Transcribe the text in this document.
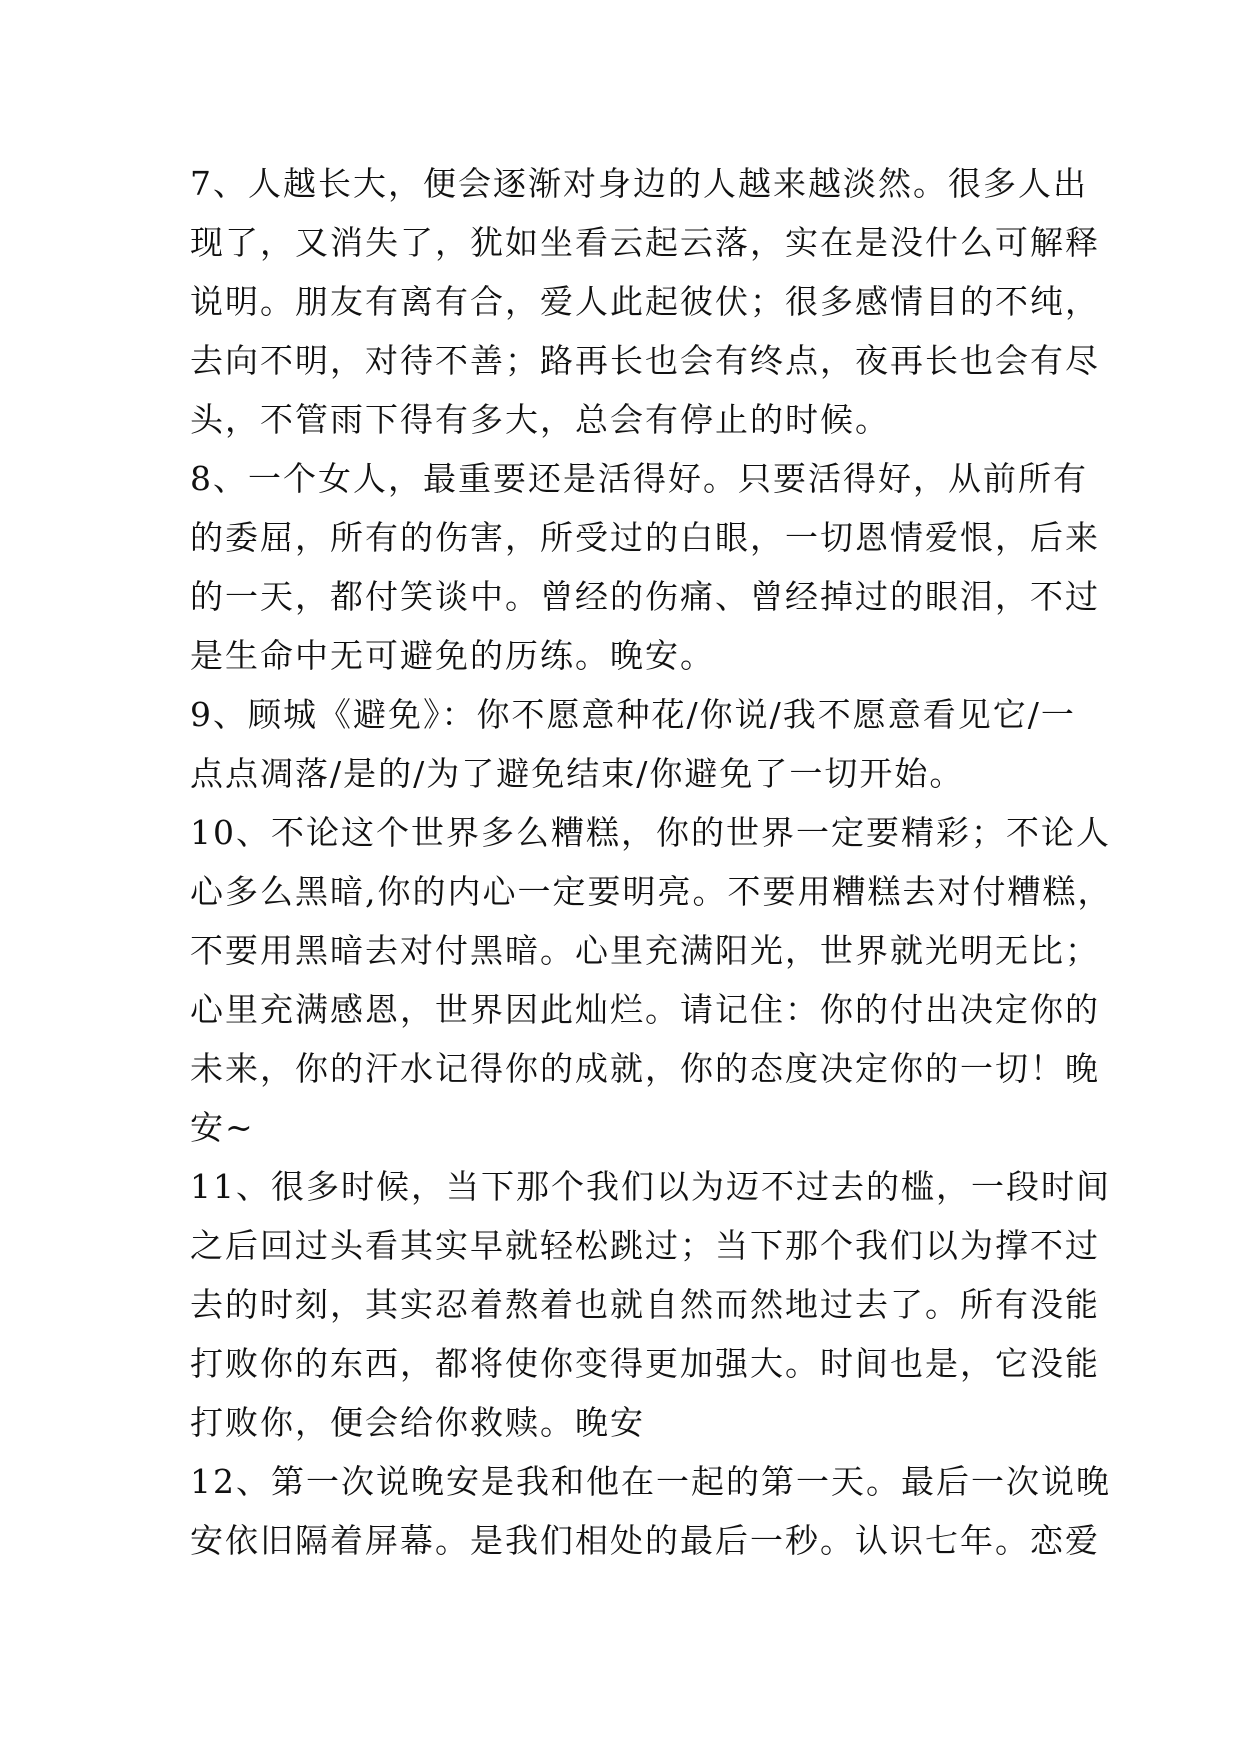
7、人越长大，便会逐渐对身边的人越来越淡然。很多人出
现了，又消失了，犹如坐看云起云落，实在是没什么可解释
说明。朋友有离有合，爱人此起彼伏；很多感情目的不纯，
去向不明，对待不善；路再长也会有终点，夜再长也会有尽
头，不管雨下得有多大，总会有停止的时候。
8、一个女人，最重要还是活得好。只要活得好，从前所有
的委屈，所有的伤害，所受过的白眼，一切恩情爱恨，后来
的一天，都付笑谈中。曾经的伤痛、曾经掉过的眼泪，不过
是生命中无可避免的历练。晚安。
9、顾城《避免》：你不愿意种花/你说/我不愿意看见它/一
点点凋落/是的/为了避免结束/你避免了一切开始。
10、不论这个世界多么糟糕，你的世界一定要精彩；不论人
心多么黑暗,你的内心一定要明亮。不要用糟糕去对付糟糕，
不要用黑暗去对付黑暗。心里充满阳光，世界就光明无比；
心里充满感恩，世界因此灿烂。请记住：你的付出决定你的
未来，你的汗水记得你的成就，你的态度决定你的一切！晚
安~
11、很多时候，当下那个我们以为迈不过去的槛，一段时间
之后回过头看其实早就轻松跳过；当下那个我们以为撑不过
去的时刻，其实忍着熬着也就自然而然地过去了。所有没能
打败你的东西，都将使你变得更加强大。时间也是，它没能
打败你，便会给你救赎。晚安
12、第一次说晚安是我和他在一起的第一天。最后一次说晚
安依旧隔着屏幕。是我们相处的最后一秒。认识七年。恋爱
